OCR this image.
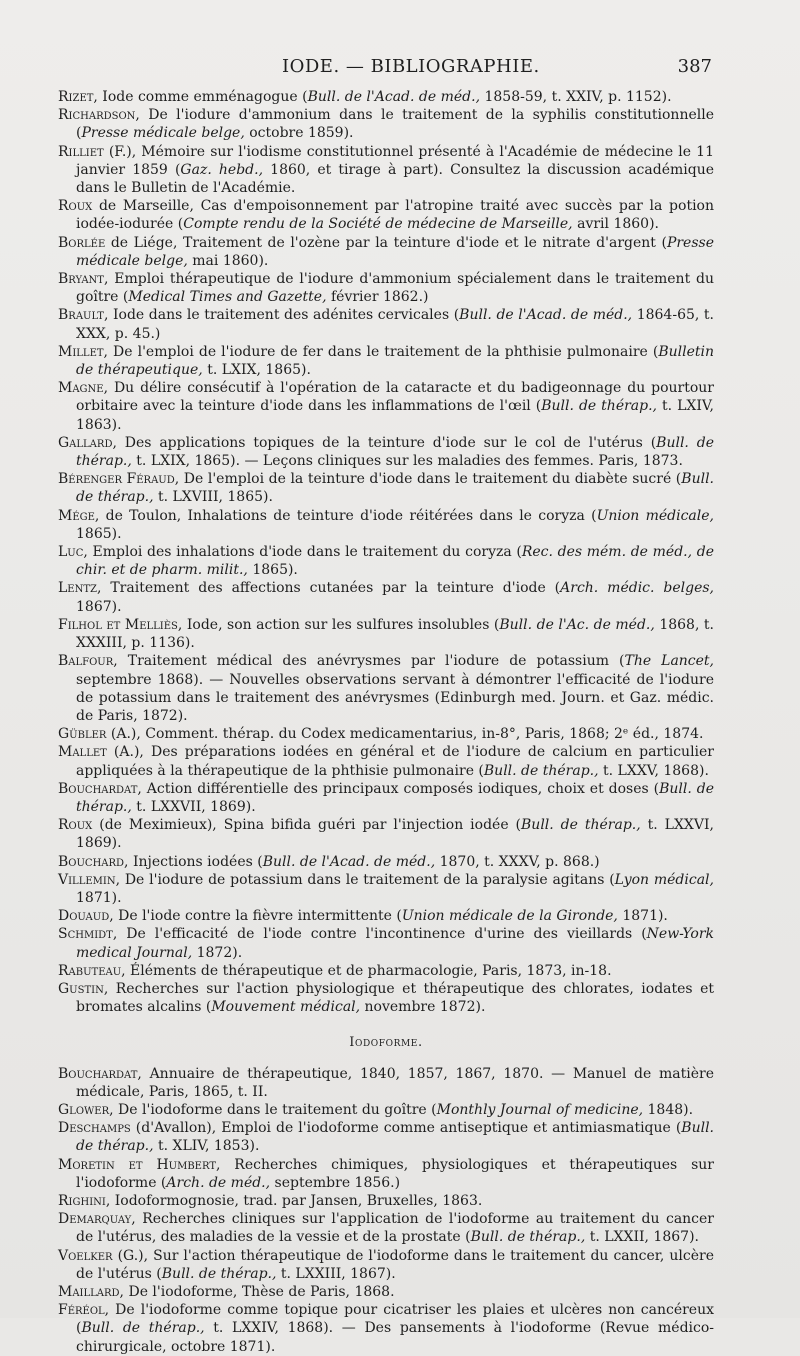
IODE. — BIBLIOGRAPHIE.	387

Rizet, Iode comme emménagogue (Bull. de l'Acad. de méd., 1858-59, t. XXIV, p. 1152).

Richardson, De l'iodure d'ammonium dans le traitement de la syphilis constitutionnelle (Presse médicale belge, octobre 1859).

Rilliet (F.), Mémoire sur l'iodisme constitutionnel présenté à l'Académie de médecine le 11 janvier 1859 (Gaz. hebd., 1860, et tirage à part). Consultez la discussion académique dans le Bulletin de l'Académie.

Roux de Marseille, Cas d'empoisonnement par l'atropine traité avec succès par la potion iodée-iodurée (Compte rendu de la Société de médecine de Marseille, avril 1860).

Borlée de Liége, Traitement de l'ozène par la teinture d'iode et le nitrate d'argent (Presse médicale belge, mai 1860).

Bryant, Emploi thérapeutique de l'iodure d'ammonium spécialement dans le traitement du goître (Medical Times and Gazette, février 1862.)

Brault, Iode dans le traitement des adénites cervicales (Bull. de l'Acad. de méd., 1864-65, t. XXX, p. 45.)

Millet, De l'emploi de l'iodure de fer dans le traitement de la phthisie pulmonaire (Bulletin de thérapeutique, t. LXIX, 1865).

Magne, Du délire consécutif à l'opération de la cataracte et du badigeonnage du pourtour orbitaire avec la teinture d'iode dans les inflammations de l'œil (Bull. de thérap., t. LXIV, 1863).

Gallard, Des applications topiques de la teinture d'iode sur le col de l'utérus (Bull. de thérap., t. LXIX, 1865). — Leçons cliniques sur les maladies des femmes. Paris, 1873.

Bérenger Féraud, De l'emploi de la teinture d'iode dans le traitement du diabète sucré (Bull. de thérap., t. LXVIII, 1865).

Mége, de Toulon, Inhalations de teinture d'iode réitérées dans le coryza (Union médicale, 1865).

Luc, Emploi des inhalations d'iode dans le traitement du coryza (Rec. des mém. de méd., de chir. et de pharm. milit., 1865).

Lentz, Traitement des affections cutanées par la teinture d'iode (Arch. médic. belges, 1867).

Filhol et Melliès, Iode, son action sur les sulfures insolubles (Bull. de l'Ac. de méd., 1868, t. XXXIII, p. 1136).

Balfour, Traitement médical des anévrysmes par l'iodure de potassium (The Lancet, septembre 1868). — Nouvelles observations servant à démontrer l'efficacité de l'iodure de potassium dans le traitement des anévrysmes (Edinburgh med. Journ. et Gaz. médic. de Paris, 1872).

Gübler (A.), Comment. thérap. du Codex medicamentarius, in-8°, Paris, 1868; 2ᵉ éd., 1874.

Mallet (A.), Des préparations iodées en général et de l'iodure de calcium en particulier appliquées à la thérapeutique de la phthisie pulmonaire (Bull. de thérap., t. LXXV, 1868).

Bouchardat, Action différentielle des principaux composés iodiques, choix et doses (Bull. de thérap., t. LXXVII, 1869).

Roux (de Meximieux), Spina bifida guéri par l'injection iodée (Bull. de thérap., t. LXXVI, 1869).

Bouchard, Injections iodées (Bull. de l'Acad. de méd., 1870, t. XXXV, p. 868.)

Villemin, De l'iodure de potassium dans le traitement de la paralysie agitans (Lyon médical, 1871).

Douaud, De l'iode contre la fièvre intermittente (Union médicale de la Gironde, 1871).

Schmidt, De l'efficacité de l'iode contre l'incontinence d'urine des vieillards (New-York medical Journal, 1872).

Rabuteau, Éléments de thérapeutique et de pharmacologie, Paris, 1873, in-18.

Gustin, Recherches sur l'action physiologique et thérapeutique des chlorates, iodates et bromates alcalins (Mouvement médical, novembre 1872).

Iodoforme.

Bouchardat, Annuaire de thérapeutique, 1840, 1857, 1867, 1870. — Manuel de matière médicale, Paris, 1865, t. II.

Glower, De l'iodoforme dans le traitement du goître (Monthly Journal of medicine, 1848).

Deschamps (d'Avallon), Emploi de l'iodoforme comme antiseptique et antimiasmatique (Bull. de thérap., t. XLIV, 1853).

Moretin et Humbert, Recherches chimiques, physiologiques et thérapeutiques sur l'iodoforme (Arch. de méd., septembre 1856.)

Righini, Iodoformognosie, trad. par Jansen, Bruxelles, 1863.

Demarquay, Recherches cliniques sur l'application de l'iodoforme au traitement du cancer de l'utérus, des maladies de la vessie et de la prostate (Bull. de thérap., t. LXXII, 1867).

Voelker (G.), Sur l'action thérapeutique de l'iodoforme dans le traitement du cancer, ulcère de l'utérus (Bull. de thérap., t. LXXIII, 1867).

Maillard, De l'iodoforme, Thèse de Paris, 1868.

Féréol, De l'iodoforme comme topique pour cicatriser les plaies et ulcères non cancéreux (Bull. de thérap., t. LXXIV, 1868). — Des pansements à l'iodoforme (Revue médico-chirurgicale, octobre 1871).
